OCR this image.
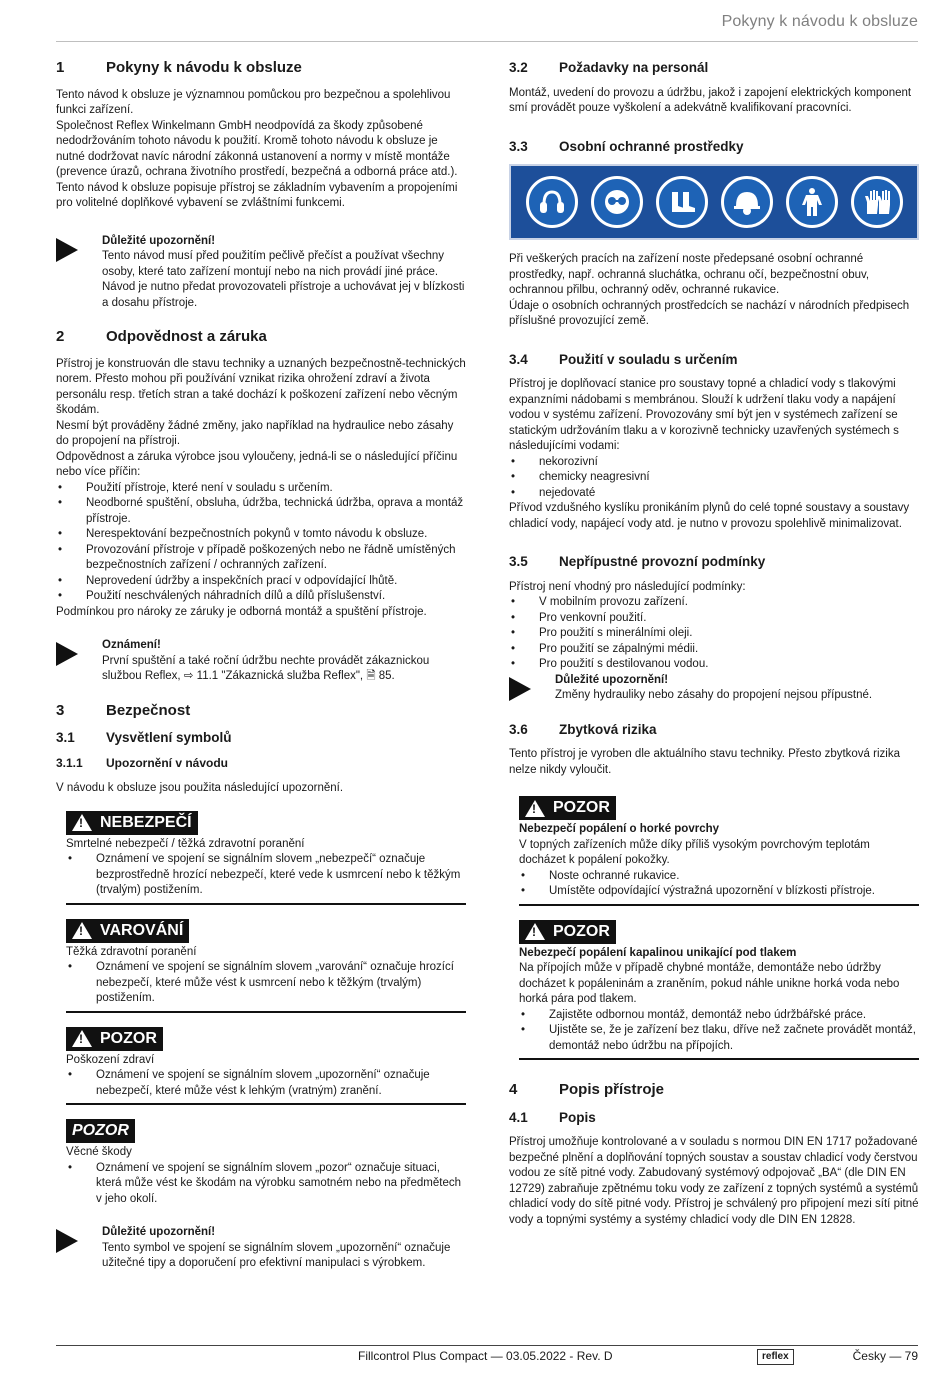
Pokyny k návodu k obsluze
1	Pokyny k návodu k obsluze

Tento návod k obsluze je významnou pomůckou pro bezpečnou a spolehlivou funkci zařízení.

Společnost Reflex Winkelmann GmbH neodpovídá za škody způsobené nedodržováním tohoto návodu k použití. Kromě tohoto návodu k obsluze je nutné dodržovat navíc národní zákonná ustanovení a normy v místě montáže (prevence úrazů, ochrana životního prostředí, bezpečná a odborná práce atd.).

Tento návod k obsluze popisuje přístroj se základním vybavením a propojeními pro volitelné doplňkové vybavení se zvláštními funkcemi.

Důležité upozornění!
Tento návod musí před použitím pečlivě přečíst a používat všechny osoby, které tato zařízení montují nebo na nich provádí jiné práce. Návod je nutno předat provozovateli přístroje a uchovávat jej v blízkosti a dosahu přístroje.
2	Odpovědnost a záruka

Přístroj je konstruován dle stavu techniky a uznaných bezpečnostně-technických norem. Přesto mohou při používání vznikat rizika ohrožení zdraví a života personálu resp. třetích stran a také dochází k poškození zařízení nebo věcným škodám.

Nesmí být prováděny žádné změny, jako například na hydraulice nebo zásahy do propojení na přístroji.

Odpovědnost a záruka výrobce jsou vyloučeny, jedná-li se o následující příčinu nebo více příčin:

• Použití přístroje, které není v souladu s určením.
• Neodborné spuštění, obsluha, údržba, technická údržba, oprava a montáž přístroje.
• Nerespektování bezpečnostních pokynů v tomto návodu k obsluze.
• Provozování přístroje v případě poškozených nebo ne řádně umístěných bezpečnostních zařízení / ochranných zařízení.
• Neprovedení údržby a inspekčních prací v odpovídající lhůtě.
• Použití neschválených náhradních dílů a dílů příslušenství.

Podmínkou pro nároky ze záruky je odborná montáž a spuštění přístroje.

Oznámení!
První spuštění a také roční údržbu nechte provádět zákaznickou službou Reflex, ⇨ 11.1 "Zákaznická služba Reflex", 🗎 85.
3	Bezpečnost
3.1	Vysvětlení symbolů
3.1.1	Upozornění v návodu

V návodu k obsluze jsou použita následující upozornění.

!
NEBEZPEČÍ
Smrtelné nebezpečí / těžká zdravotní poranění
• Oznámení ve spojení se signálním slovem „nebezpečí“ označuje bezprostředně hrozící nebezpečí, které vede k usmrcení nebo k těžkým (trvalým) postižením.
!
VAROVÁNÍ
Těžká zdravotní poranění
• Oznámení ve spojení se signálním slovem „varování“ označuje hrozící nebezpečí, které může vést k usmrcení nebo k těžkým (trvalým) postižením.
!
POZOR
Poškození zdraví
• Oznámení ve spojení se signálním slovem „upozornění“ označuje nebezpečí, které může vést k lehkým (vratným) zranění.
POZOR
Věcné škody
• Oznámení ve spojení se signálním slovem „pozor“ označuje situaci, která může vést ke škodám na výrobku samotném nebo na předmětech v jeho okolí.
Důležité upozornění!
Tento symbol ve spojení se signálním slovem „upozornění“ označuje užitečné tipy a doporučení pro efektivní manipulaci s výrobkem.
3.2	Požadavky na personál

Montáž, uvedení do provozu a údržbu, jakož i zapojení elektrických komponent smí provádět pouze vyškolení a adekvátně kvalifikovaní pracovníci.

3.3	Osobní ochranné prostředky

Při veškerých pracích na zařízení noste předepsané osobní ochranné prostředky, např. ochranná sluchátka, ochranu očí, bezpečnostní obuv, ochrannou přilbu, ochranný oděv, ochranné rukavice.

Údaje o osobních ochranných prostředcích se nachází v národních předpisech příslušné provozující země.

3.4	Použití v souladu s určením

Přístroj je doplňovací stanice pro soustavy topné a chladicí vody s tlakovými expanzními nádobami s membránou. Slouží k udržení tlaku vody a napájení vodou v systému zařízení. Provozovány smí být jen v systémech zařízení se statickým udržováním tlaku a v korozivně technicky uzavřených systémech s následujícími vodami:

• nekorozivní
• chemicky neagresivní
• nejedovaté

Přívod vzdušného kyslíku pronikáním plynů do celé topné soustavy a soustavy chladicí vody, napájecí vody atd. je nutno v provozu spolehlivě minimalizovat.

3.5	Nepřípustné provozní podmínky

Přístroj není vhodný pro následující podmínky:

• V mobilním provozu zařízení.
• Pro venkovní použití.
• Pro použití s minerálními oleji.
• Pro použití se zápalnými médii.
• Pro použití s destilovanou vodou.
Důležité upozornění!
Změny hydrauliky nebo zásahy do propojení nejsou přípustné.
3.6	Zbytková rizika

Tento přístroj je vyroben dle aktuálního stavu techniky. Přesto zbytková rizika nelze nikdy vyloučit.

!
POZOR
Nebezpečí popálení o horké povrchy
V topných zařízeních může díky příliš vysokým povrchovým teplotám docházet k popálení pokožky.
• Noste ochranné rukavice.
• Umístěte odpovídající výstražná upozornění v blízkosti přístroje.
!
POZOR
Nebezpečí popálení kapalinou unikající pod tlakem
Na přípojích může v případě chybné montáže, demontáže nebo údržby docházet k popáleninám a zraněním, pokud náhle unikne horká voda nebo horká pára pod tlakem.
• Zajistěte odbornou montáž, demontáž nebo údržbářské práce.
• Ujistěte se, že je zařízení bez tlaku, dříve než začnete provádět montáž, demontáž nebo údržbu na přípojích.
4	Popis přístroje
4.1	Popis

Přístroj umožňuje kontrolované a v souladu s normou DIN EN 1717 požadované bezpečné plnění a doplňování topných soustav a soustav chladicí vody čerstvou vodou ze sítě pitné vody. Zabudovaný systémový odpojovač „BA“ (dle DIN EN 12729) zabraňuje zpětnému toku vody ze zařízení z topných systémů a systémů chladicí vody do sítě pitné vody. Přístroj je schválený pro připojení mezi sítí pitné vody a topnými systémy a systémy chladicí vody dle DIN EN 12828.

Fillcontrol Plus Compact — 03.05.2022 - Rev. D	reflex	Česky — 79
